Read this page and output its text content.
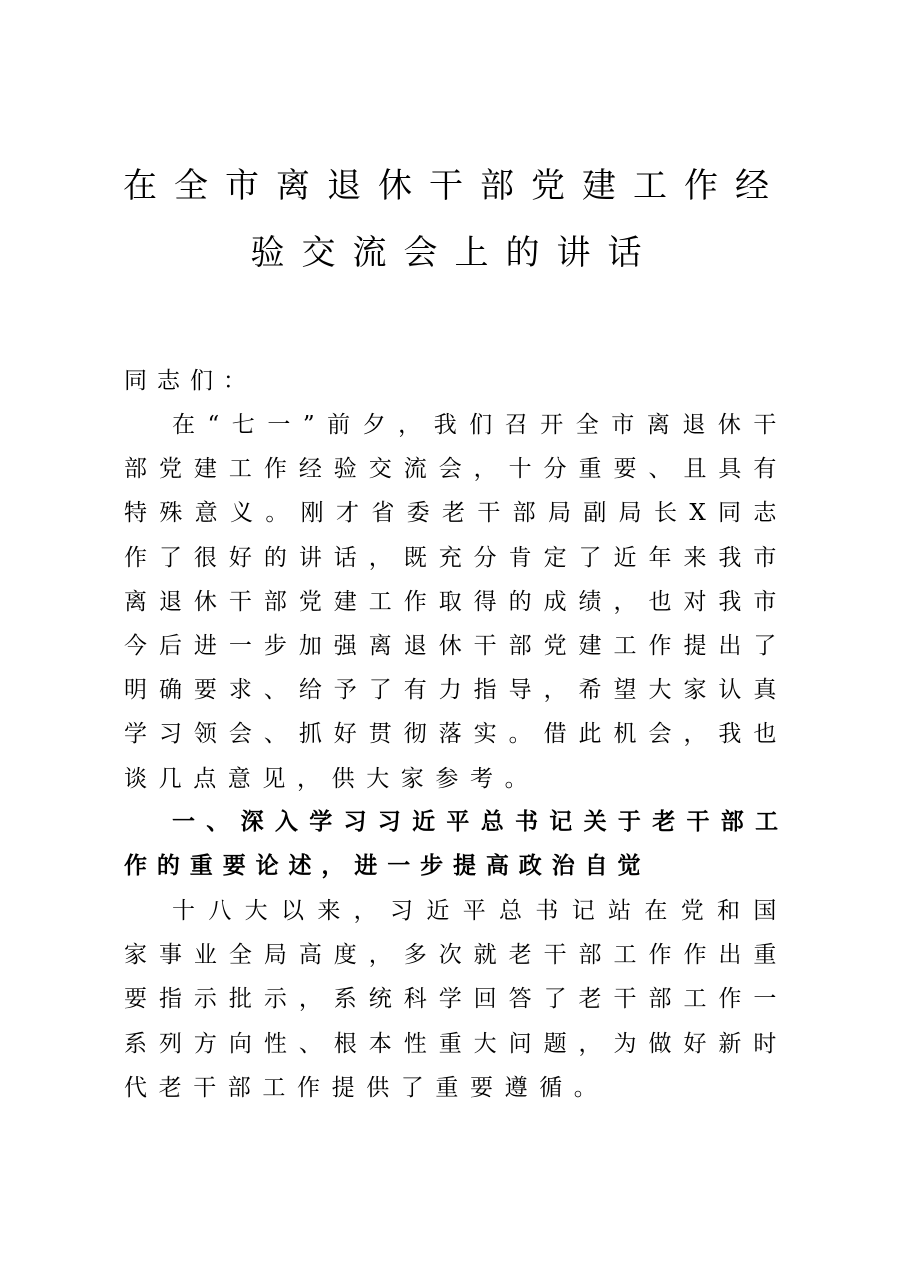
在全市离退休干部党建工作经
验交流会上的讲话
同志们：
在“七一”前夕，我们召开全市离退休干部党建工作经验交流会，十分重要、且具有特殊意义。刚才省委老干部局副局长X同志作了很好的讲话，既充分肯定了近年来我市离退休干部党建工作取得的成绩，也对我市今后进一步加强离退休干部党建工作提出了明确要求、给予了有力指导，希望大家认真学习领会、抓好贯彻落实。借此机会，我也谈几点意见，供大家参考。
一、深入学习习近平总书记关于老干部工作的重要论述，进一步提高政治自觉
十八大以来，习近平总书记站在党和国家事业全局高度，多次就老干部工作作出重要指示批示，系统科学回答了老干部工作一系列方向性、根本性重大问题，为做好新时代老干部工作提供了重要遵循。
